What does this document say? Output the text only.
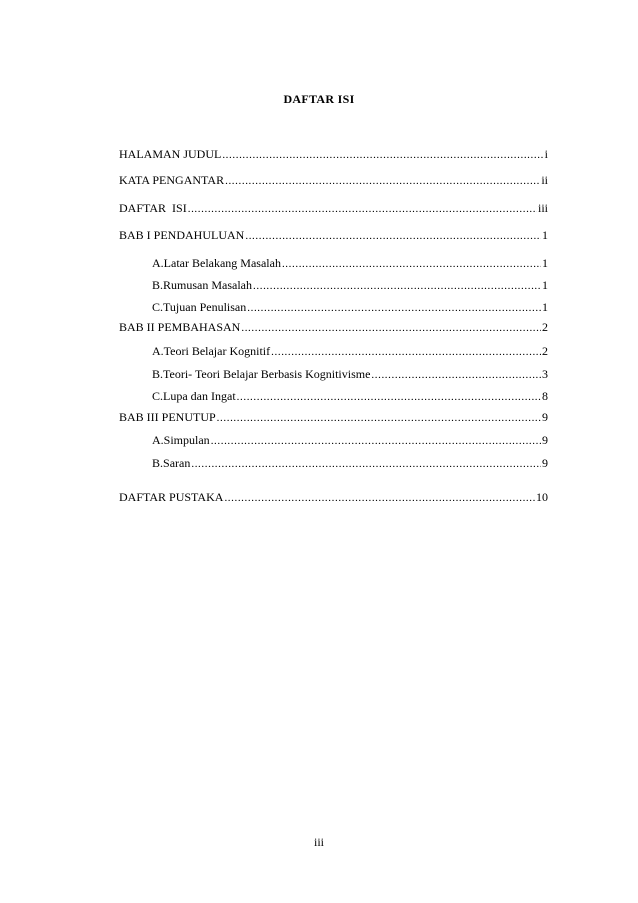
DAFTAR ISI
HALAMAN JUDUL .....	i
KATA PENGANTAR .....	ii
DAFTAR  ISI .....	iii
BAB I PENDAHULUAN .....	1
A. Latar Belakang Masalah .....	1
B. Rumusan Masalah .....	1
C. Tujuan Penulisan .....	1
BAB II PEMBAHASAN .....	2
A. Teori Belajar Kognitif .....	2
B. Teori- Teori Belajar Berbasis Kognitivisme .....	3
C. Lupa dan Ingat .....	8
BAB III PENUTUP .....	9
A. Simpulan .....	9
B. Saran .....	9
DAFTAR PUSTAKA .....	10
iii
